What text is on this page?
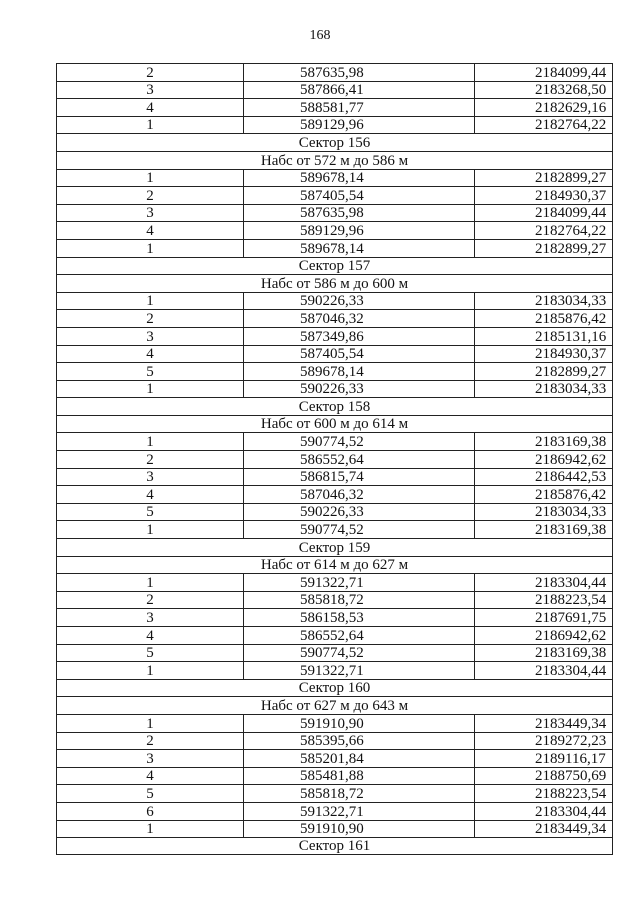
168
2	587635,98	2184099,44
3	587866,41	2183268,50
4	588581,77	2182629,16
1	589129,96	2182764,22
Сектор 156		
Набс от 572 м до 586 м		
1	589678,14	2182899,27
2	587405,54	2184930,37
3	587635,98	2184099,44
4	589129,96	2182764,22
1	589678,14	2182899,27
Сектор 157		
Набс от 586 м до 600 м		
1	590226,33	2183034,33
2	587046,32	2185876,42
3	587349,86	2185131,16
4	587405,54	2184930,37
5	589678,14	2182899,27
1	590226,33	2183034,33
Сектор 158		
Набс от 600 м до 614 м		
1	590774,52	2183169,38
2	586552,64	2186942,62
3	586815,74	2186442,53
4	587046,32	2185876,42
5	590226,33	2183034,33
1	590774,52	2183169,38
Сектор 159		
Набс от 614 м до 627 м		
1	591322,71	2183304,44
2	585818,72	2188223,54
3	586158,53	2187691,75
4	586552,64	2186942,62
5	590774,52	2183169,38
1	591322,71	2183304,44
Сектор 160		
Набс от 627 м до 643 м		
1	591910,90	2183449,34
2	585395,66	2189272,23
3	585201,84	2189116,17
4	585481,88	2188750,69
5	585818,72	2188223,54
6	591322,71	2183304,44
1	591910,90	2183449,34
Сектор 161		
